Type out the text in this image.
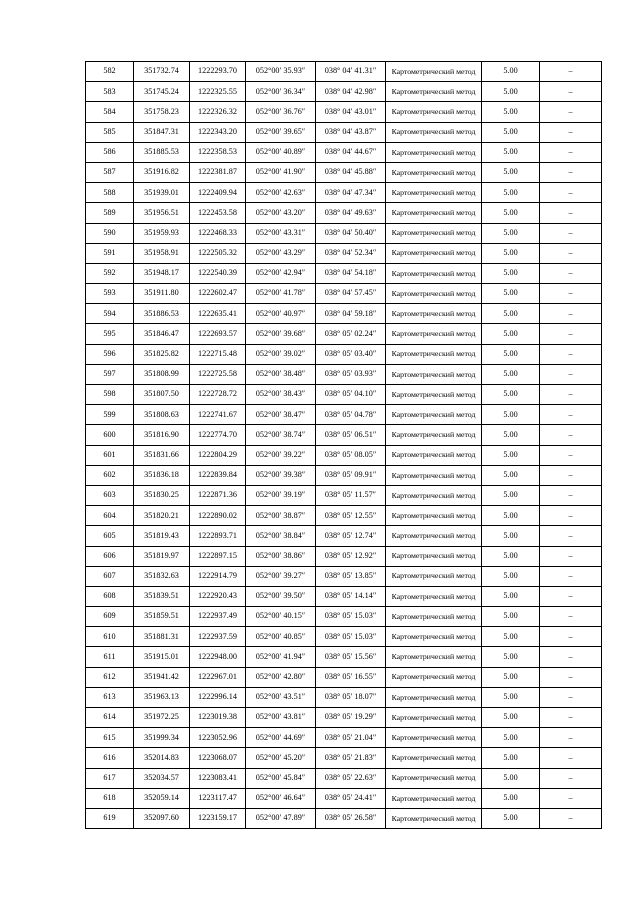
582	351732.74	1222293.70	052°00′ 35.93″	038° 04′ 41.31″	Картометрический метод	5.00	–
583	351745.24	1222325.55	052°00′ 36.34″	038° 04′ 42.98″	Картометрический метод	5.00	–
584	351758.23	1222326.32	052°00′ 36.76″	038° 04′ 43.01″	Картометрический метод	5.00	–
585	351847.31	1222343.20	052°00′ 39.65″	038° 04′ 43.87″	Картометрический метод	5.00	–
586	351885.53	1222358.53	052°00′ 40.89″	038° 04′ 44.67″	Картометрический метод	5.00	–
587	351916.82	1222381.87	052°00′ 41.90″	038° 04′ 45.88″	Картометрический метод	5.00	–
588	351939.01	1222409.94	052°00′ 42.63″	038° 04′ 47.34″	Картометрический метод	5.00	–
589	351956.51	1222453.58	052°00′ 43.20″	038° 04′ 49.63″	Картометрический метод	5.00	–
590	351959.93	1222468.33	052°00′ 43.31″	038° 04′ 50.40″	Картометрический метод	5.00	–
591	351958.91	1222505.32	052°00′ 43.29″	038° 04′ 52.34″	Картометрический метод	5.00	–
592	351948.17	1222540.39	052°00′ 42.94″	038° 04′ 54.18″	Картометрический метод	5.00	–
593	351911.80	1222602.47	052°00′ 41.78″	038° 04′ 57.45″	Картометрический метод	5.00	–
594	351886.53	1222635.41	052°00′ 40.97″	038° 04′ 59.18″	Картометрический метод	5.00	–
595	351846.47	1222693.57	052°00′ 39.68″	038° 05′ 02.24″	Картометрический метод	5.00	–
596	351825.82	1222715.48	052°00′ 39.02″	038° 05′ 03.40″	Картометрический метод	5.00	–
597	351808.99	1222725.58	052°00′ 38.48″	038° 05′ 03.93″	Картометрический метод	5.00	–
598	351807.50	1222728.72	052°00′ 38.43″	038° 05′ 04.10″	Картометрический метод	5.00	–
599	351808.63	1222741.67	052°00′ 38.47″	038° 05′ 04.78″	Картометрический метод	5.00	–
600	351816.90	1222774.70	052°00′ 38.74″	038° 05′ 06.51″	Картометрический метод	5.00	–
601	351831.66	1222804.29	052°00′ 39.22″	038° 05′ 08.05″	Картометрический метод	5.00	–
602	351836.18	1222839.84	052°00′ 39.38″	038° 05′ 09.91″	Картометрический метод	5.00	–
603	351830.25	1222871.36	052°00′ 39.19″	038° 05′ 11.57″	Картометрический метод	5.00	–
604	351820.21	1222890.02	052°00′ 38.87″	038° 05′ 12.55″	Картометрический метод	5.00	–
605	351819.43	1222893.71	052°00′ 38.84″	038° 05′ 12.74″	Картометрический метод	5.00	–
606	351819.97	1222897.15	052°00′ 38.86″	038° 05′ 12.92″	Картометрический метод	5.00	–
607	351832.63	1222914.79	052°00′ 39.27″	038° 05′ 13.85″	Картометрический метод	5.00	–
608	351839.51	1222920.43	052°00′ 39.50″	038° 05′ 14.14″	Картометрический метод	5.00	–
609	351859.51	1222937.49	052°00′ 40.15″	038° 05′ 15.03″	Картометрический метод	5.00	–
610	351881.31	1222937.59	052°00′ 40.85″	038° 05′ 15.03″	Картометрический метод	5.00	–
611	351915.01	1222948.00	052°00′ 41.94″	038° 05′ 15.56″	Картометрический метод	5.00	–
612	351941.42	1222967.01	052°00′ 42.80″	038° 05′ 16.55″	Картометрический метод	5.00	–
613	351963.13	1222996.14	052°00′ 43.51″	038° 05′ 18.07″	Картометрический метод	5.00	–
614	351972.25	1223019.38	052°00′ 43.81″	038° 05′ 19.29″	Картометрический метод	5.00	–
615	351999.34	1223052.96	052°00′ 44.69″	038° 05′ 21.04″	Картометрический метод	5.00	–
616	352014.83	1223068.07	052°00′ 45.20″	038° 05′ 21.83″	Картометрический метод	5.00	–
617	352034.57	1223083.41	052°00′ 45.84″	038° 05′ 22.63″	Картометрический метод	5.00	–
618	352059.14	1223117.47	052°00′ 46.64″	038° 05′ 24.41″	Картометрический метод	5.00	–
619	352097.60	1223159.17	052°00′ 47.89″	038° 05′ 26.58″	Картометрический метод	5.00	–
